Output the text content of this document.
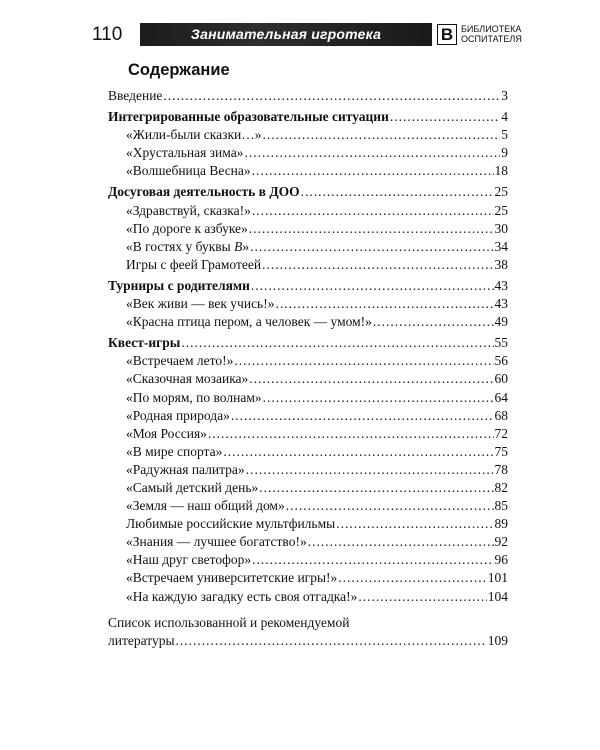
110	Занимательная игротека	B БИБЛИОТЕКА
ОСПИТАТЕЛЯ
Содержание
Введение .....	3
Интегрированные образовательные ситуации .....	4
«Жили-были сказки…» .....	5
«Хрустальная зима» .....	9
«Волшебница Весна» .....	18
Досуговая деятельность в ДОО .....	25
«Здравствуй, сказка!» .....	25
«По дороге к азбуке» .....	30
«В гостях у буквы В» .....	34
Игры с феей Грамотеей .....	38
Турниры с родителями .....	43
«Век живи — век учись!» .....	43
«Красна птица пером, а человек — умом!» .....	49
Квест-игры .....	55
«Встречаем лето!» .....	56
«Сказочная мозаика» .....	60
«По морям, по волнам» .....	64
«Родная природа» .....	68
«Моя Россия» .....	72
«В мире спорта» .....	75
«Радужная палитра» .....	78
«Самый детский день» .....	82
«Земля — наш общий дом» .....	85
Любимые российские мультфильмы .....	89
«Знания — лучшее богатство!» .....	92
«Наш друг светофор» .....	96
«Встречаем университетские игры!» .....	101
«На каждую загадку есть своя отгадка!» .....	104
Список использованной и рекомендуемой
литературы .....	109
